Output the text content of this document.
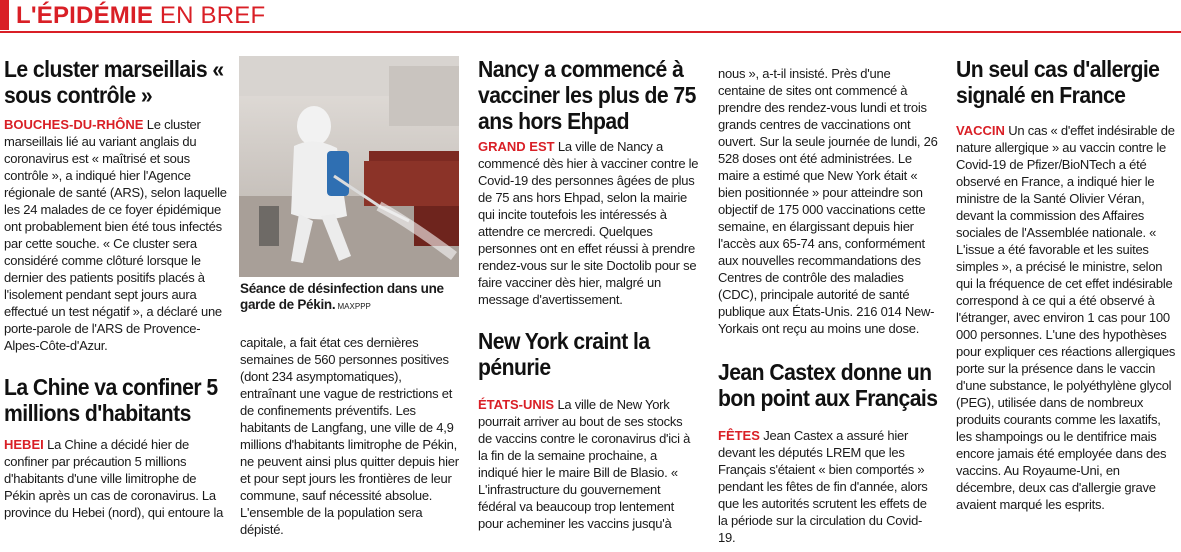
L'ÉPIDÉMIE EN BREF
Le cluster marseillais « sous contrôle »

BOUCHES-DU-RHÔNE Le cluster marseillais lié au variant anglais du coronavirus est « maîtrisé et sous contrôle », a indiqué hier l'Agence régionale de santé (ARS), selon laquelle les 24 malades de ce foyer épidémique ont probablement bien été tous infectés par cette souche. « Ce cluster sera considéré comme clôturé lorsque le dernier des patients positifs placés à l'isolement pendant sept jours aura effectué un test négatif », a déclaré une porte-parole de l'ARS de Provence-Alpes-Côte-d'Azur.

La Chine va confiner 5 millions d'habitants

HEBEI La Chine a décidé hier de confiner par précaution 5 millions d'habitants d'une ville limitrophe de Pékin après un cas de coronavirus. La province du Hebei (nord), qui entoure la

Séance de désinfection dans une garde de Pékin. MAXPPP

capitale, a fait état ces dernières semaines de 560 personnes positives (dont 234 asymptomatiques), entraînant une vague de restrictions et de confinements préventifs. Les habitants de Langfang, une ville de 4,9 millions d'habitants limitrophe de Pékin, ne peuvent ainsi plus quitter depuis hier et pour sept jours les frontières de leur commune, sauf nécessité absolue. L'ensemble de la population sera dépisté.

Nancy a commencé à vacciner les plus de 75 ans hors Ehpad

GRAND EST La ville de Nancy a commencé dès hier à vacciner contre le Covid-19 des personnes âgées de plus de 75 ans hors Ehpad, selon la mairie qui incite toutefois les intéressés à attendre ce mercredi. Quelques personnes ont en effet réussi à prendre rendez-vous sur le site Doctolib pour se faire vacciner dès hier, malgré un message d'avertissement.

New York craint la pénurie

ÉTATS-UNIS La ville de New York pourrait arriver au bout de ses stocks de vaccins contre le coronavirus d'ici à la fin de la semaine prochaine, a indiqué hier le maire Bill de Blasio. « L'infrastructure du gouvernement fédéral va beaucoup trop lentement pour acheminer les vaccins jusqu'à

nous », a-t-il insisté. Près d'une centaine de sites ont commencé à prendre des rendez-vous lundi et trois grands centres de vaccinations ont ouvert. Sur la seule journée de lundi, 26 528 doses ont été administrées. Le maire a estimé que New York était « bien positionnée » pour atteindre son objectif de 175 000 vaccinations cette semaine, en élargissant depuis hier l'accès aux 65-74 ans, conformément aux nouvelles recommandations des Centres de contrôle des maladies (CDC), principale autorité de santé publique aux États-Unis. 216 014 New-Yorkais ont reçu au moins une dose.

Jean Castex donne un bon point aux Français

FÊTES Jean Castex a assuré hier devant les députés LREM que les Français s'étaient « bien comportés » pendant les fêtes de fin d'année, alors que les autorités scrutent les effets de la période sur la circulation du Covid-19.

Un seul cas d'allergie signalé en France

VACCIN Un cas « d'effet indésirable de nature allergique » au vaccin contre le Covid-19 de Pfizer/BioNTech a été observé en France, a indiqué hier le ministre de la Santé Olivier Véran, devant la commission des Affaires sociales de l'Assemblée nationale. « L'issue a été favorable et les suites simples », a précisé le ministre, selon qui la fréquence de cet effet indésirable correspond à ce qui a été observé à l'étranger, avec environ 1 cas pour 100 000 personnes. L'une des hypothèses pour expliquer ces réactions allergiques porte sur la présence dans le vaccin d'une substance, le polyéthylène glycol (PEG), utilisée dans de nombreux produits courants comme les laxatifs, les shampoings ou le dentifrice mais encore jamais été employée dans des vaccins. Au Royaume-Uni, en décembre, deux cas d'allergie grave avaient marqué les esprits.
